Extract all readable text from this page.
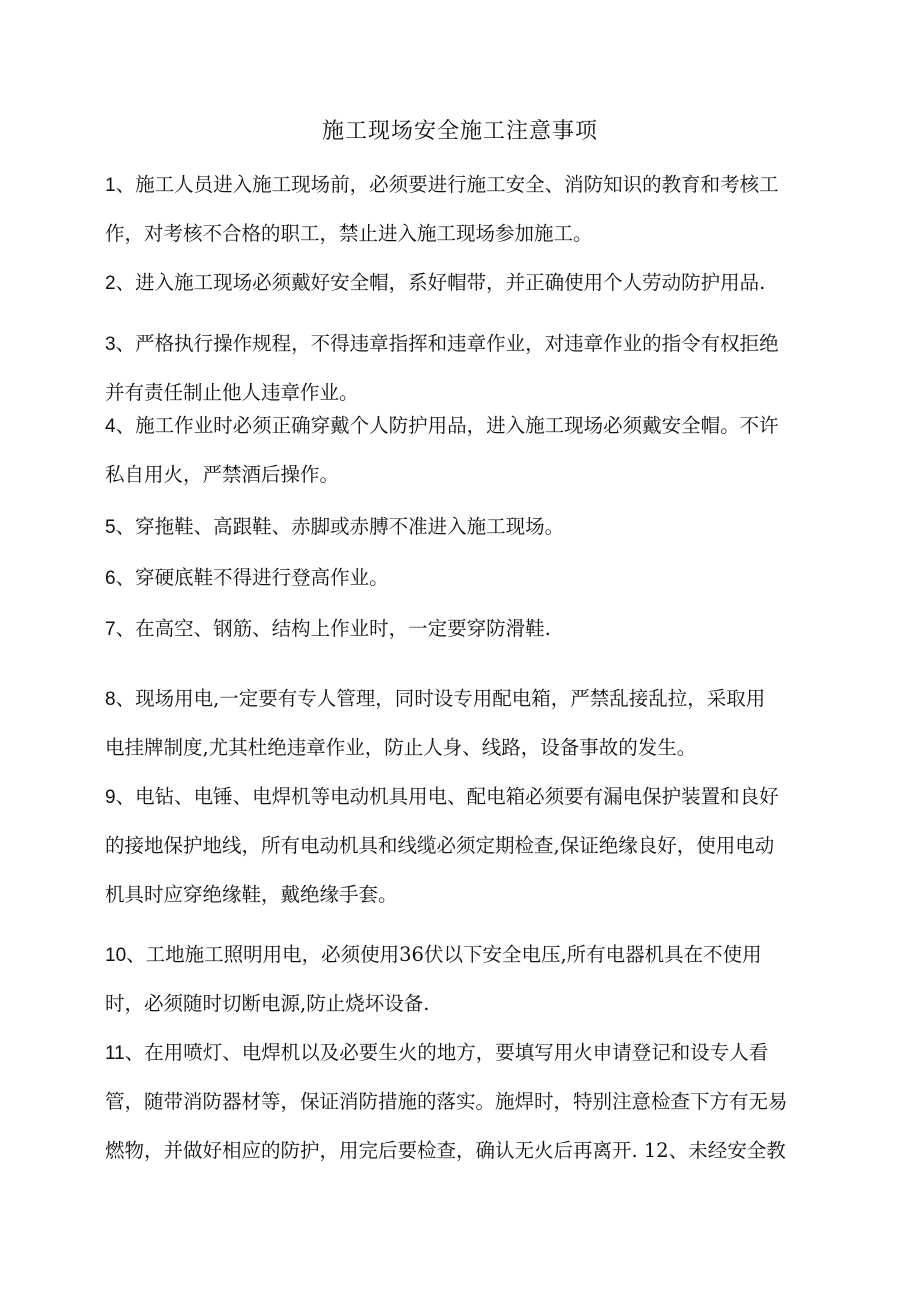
施工现场安全施工注意事项
1、施工人员进入施工现场前，必须要进行施工安全、消防知识的教育和考核工
作，对考核不合格的职工，禁止进入施工现场参加施工。
2、进入施工现场必须戴好安全帽，系好帽带，并正确使用个人劳动防护用品.
3、严格执行操作规程，不得违章指挥和违章作业，对违章作业的指令有权拒绝
并有责任制止他人违章作业。
4、施工作业时必须正确穿戴个人防护用品，进入施工现场必须戴安全帽。不许
私自用火，严禁酒后操作。
5、穿拖鞋、高跟鞋、赤脚或赤膊不准进入施工现场。
6、穿硬底鞋不得进行登高作业。
7、在高空、钢筋、结构上作业时，一定要穿防滑鞋.
8、现场用电,一定要有专人管理，同时设专用配电箱，严禁乱接乱拉，采取用
电挂牌制度,尤其杜绝违章作业，防止人身、线路，设备事故的发生。
9、电钻、电锤、电焊机等电动机具用电、配电箱必须要有漏电保护装置和良好
的接地保护地线，所有电动机具和线缆必须定期检查,保证绝缘良好，使用电动
机具时应穿绝缘鞋，戴绝缘手套。
10、工地施工照明用电，必须使用36伏以下安全电压,所有电器机具在不使用
时，必须随时切断电源,防止烧坏设备.
11、在用喷灯、电焊机以及必要生火的地方，要填写用火申请登记和设专人看
管，随带消防器材等，保证消防措施的落实。施焊时，特别注意检查下方有无易
燃物，并做好相应的防护，用完后要检查，确认无火后再离开. 12、未经安全教
